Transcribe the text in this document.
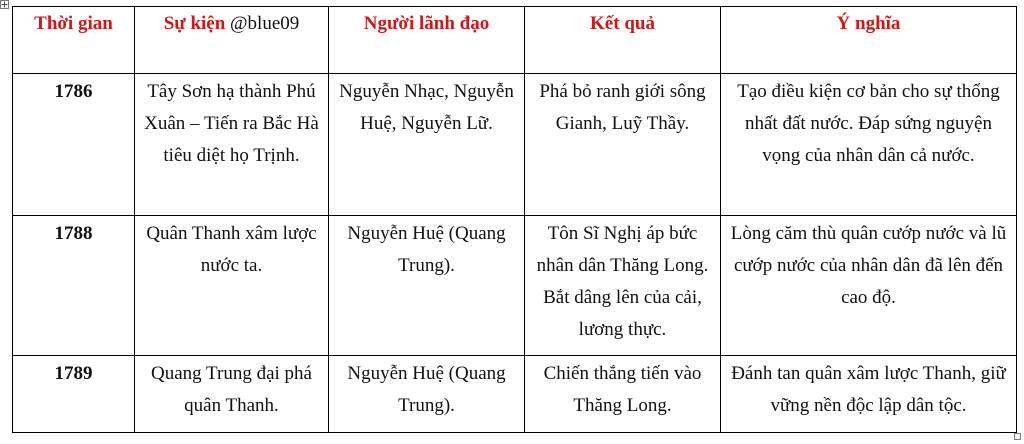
Thời gian	Sự kiện @blue09	Người lãnh đạo	Kết quả	Ý nghĩa
1786	Tây Sơn hạ thành Phú Xuân – Tiến ra Bắc Hà tiêu diệt họ Trịnh.	Nguyễn Nhạc, Nguyễn Huệ, Nguyễn Lữ.	Phá bỏ ranh giới sông Gianh, Luỹ Thầy.	Tạo điều kiện cơ bản cho sự thống nhất đất nước. Đáp sứng nguyện vọng của nhân dân cả nước.
1788	Quân Thanh xâm lược nước ta.	Nguyễn Huệ (Quang Trung).	Tôn Sĩ Nghị áp bức nhân dân Thăng Long. Bắt dâng lên của cải, lương thực.	Lòng căm thù quân cướp nước và lũ cướp nước của nhân dân đã lên đến cao độ.
1789	Quang Trung đại phá quân Thanh.	Nguyễn Huệ (Quang Trung).	Chiến thắng tiến vào Thăng Long.	Đánh tan quân xâm lược Thanh, giữ vững nền độc lập dân tộc.
